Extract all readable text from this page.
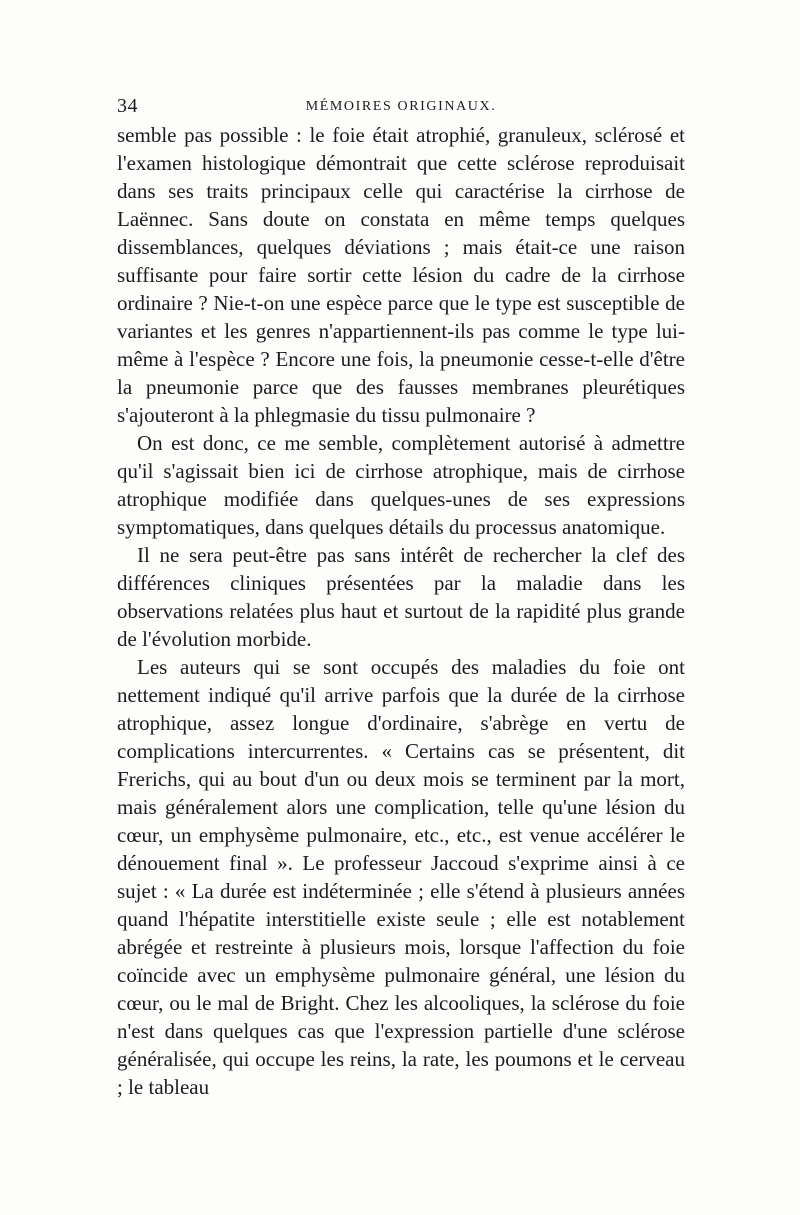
34	MÉMOIRES ORIGINAUX.

semble pas possible : le foie était atrophié, granuleux, sclérosé et l'examen histologique démontrait que cette sclérose reproduisait dans ses traits principaux celle qui caractérise la cirrhose de Laënnec. Sans doute on constata en même temps quelques dissemblances, quelques déviations ; mais était-ce une raison suffisante pour faire sortir cette lésion du cadre de la cirrhose ordinaire ? Nie-t-on une espèce parce que le type est susceptible de variantes et les genres n'appartiennent-ils pas comme le type lui-même à l'espèce ? Encore une fois, la pneumonie cesse-t-elle d'être la pneumonie parce que des fausses membranes pleurétiques s'ajouteront à la phlegmasie du tissu pulmonaire ?

On est donc, ce me semble, complètement autorisé à admettre qu'il s'agissait bien ici de cirrhose atrophique, mais de cirrhose atrophique modifiée dans quelques-unes de ses expressions symptomatiques, dans quelques détails du processus anatomique.

Il ne sera peut-être pas sans intérêt de rechercher la clef des différences cliniques présentées par la maladie dans les observations relatées plus haut et surtout de la rapidité plus grande de l'évolution morbide.

Les auteurs qui se sont occupés des maladies du foie ont nettement indiqué qu'il arrive parfois que la durée de la cirrhose atrophique, assez longue d'ordinaire, s'abrège en vertu de complications intercurrentes. « Certains cas se présentent, dit Frerichs, qui au bout d'un ou deux mois se terminent par la mort, mais généralement alors une complication, telle qu'une lésion du cœur, un emphysème pulmonaire, etc., etc., est venue accélérer le dénouement final ». Le professeur Jaccoud s'exprime ainsi à ce sujet : « La durée est indéterminée ; elle s'étend à plusieurs années quand l'hépatite interstitielle existe seule ; elle est notablement abrégée et restreinte à plusieurs mois, lorsque l'affection du foie coïncide avec un emphysème pulmonaire général, une lésion du cœur, ou le mal de Bright. Chez les alcooliques, la sclérose du foie n'est dans quelques cas que l'expression partielle d'une sclérose généralisée, qui occupe les reins, la rate, les poumons et le cerveau ; le tableau
